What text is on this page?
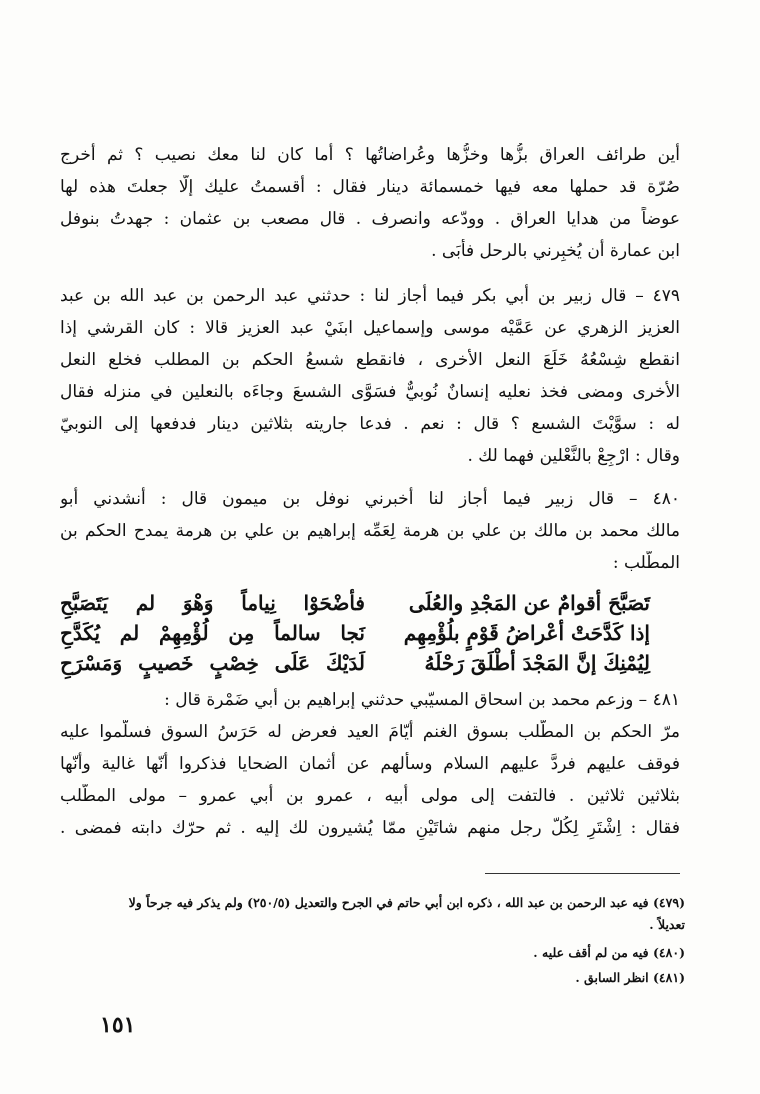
أين طرائف العراق بزُّها وخزُّها وعُراضاتُها ؟ أما كان لنا معك نصيب ؟ ثم أخرج
صُرّة قد حملها معه فيها خمسمائة دينار فقال : أقسمتُ عليك إلّا جعلتَ هذه لها
عوضاً من هدايا العراق . وودّعه وانصرف . قال مصعب بن عثمان : جهدتُ بنوفل
ابن عمارة أن يُخبِرني بالرحل فأبَى .
٤٧٩ – قال زبير بن أبي بكر فيما أجاز لنا : حدثني عبد الرحمن بن عبد الله بن عبد
العزيز الزهري عن عَمَّيْه موسى وإسماعيل ابنَيْ عبد العزيز قالا : كان القرشي إذا
انقطع شِسْعُهُ خَلَعَ النعل الأخرى ، فانقطع شسعُ الحكم بن المطلب فخلع النعل
الأخرى ومضى فخذ نعليه إنسانٌ نُوبيٌّ فسَوَّى الشسعَ وجاءَه بالنعلين في منزله فقال
له : سوَّيْتَ الشسع ؟ قال : نعم . فدعا جاريته بثلاثين دينار فدفعها إلى النوبيّ
وقال : ارْجِعْ بالنَّعْلين فهما لك .
٤٨٠ – قال زبير فيما أجاز لنا أخبرني نوفل بن ميمون قال : أنشدني أبو
مالك محمد بن مالك بن علي بن هرمة لِعَمِّه إبراهيم بن علي بن هرمة يمدح الحكم بن
المطّلب :
تَصَبَّحَ أقوامٌ عن المَجْدِ والعُلَى
فأضْحَوْا نِياماً وَهْوَ لم يَتَصَبَّحِ
إذا كَدَّحَتْ أعْراضُ قَوْمٍ بلُؤْمِهِم
نَجا سالماً مِن لُؤْمِهِمْ لم يُكَدَّحِ
لِيُمْنِكَ إنَّ المَجْدَ أطْلَقَ رَحْلَهُ
لَدَيْكَ عَلَى خِصْبٍ خَصيبٍ وَمَسْرَحِ
٤٨١ – وزعم محمد بن اسحاق المسيّبي حدثني إبراهيم بن أبي ضَمْرة قال :
مرّ الحكم بن المطّلب بسوق الغنم أيّامَ العيد فعرض له حَرَسُ السوق فسلّموا عليه
فوقف عليهم فردَّ عليهم السلام وسألهم عن أثمان الضحايا فذكروا أنّها غالية وأنّها
بثلاثين ثلاثين . فالتفت إلى مولى أبيه ، عمرو بن أبي عمرو – مولى المطّلب
فقال : اِشْتَرِ لِكُلّ رجل منهم شاتَيْنِ ممّا يُشيرون لك إليه . ثم حرّك دابته فمضى .
(٤٧٩) فيه عبد الرحمن بن عبد الله ، ذكره ابن أبي حاتم في الجرح والتعديل (٢٥٠/٥) ولم يذكر فيه جرحاً ولا
تعديلاً .
(٤٨٠) فيه من لم أقف عليه .
(٤٨١) انظر السابق .
١٥١
